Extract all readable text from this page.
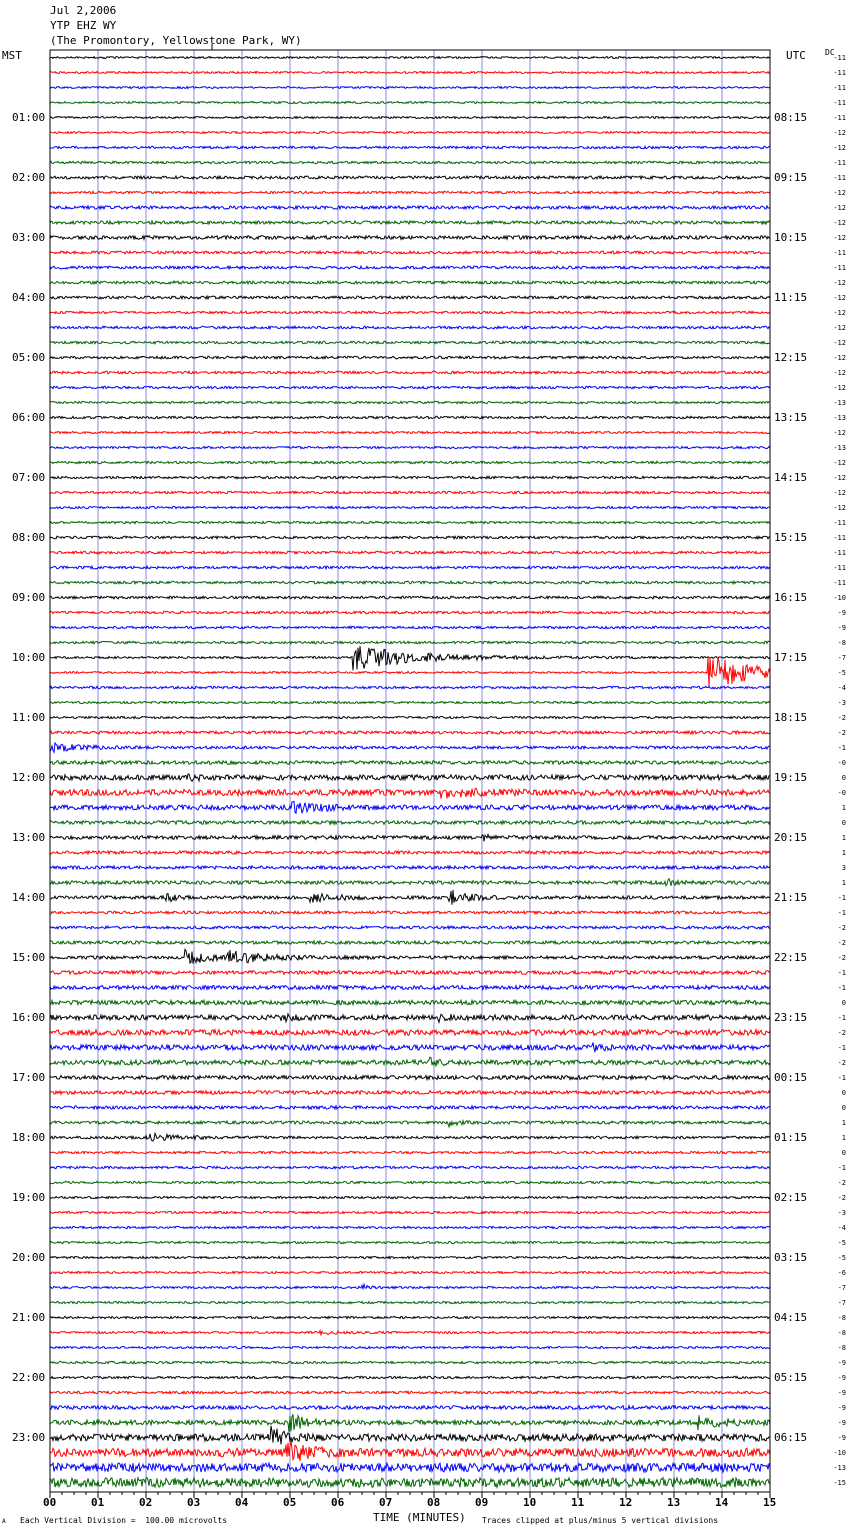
Jul 2,2006
YTP EHZ WY
(The Promontory, Yellowstone Park, WY)
MST	UTC DC
TIME (MINUTES)
Each Vertical Division =  100.00 microvolts	Traces clipped at plus/minus 5 vertical divisions
A
01:00
02:00
03:00
04:00
05:00
06:00
07:00
08:00
09:00
10:00
11:00
12:00
13:00
14:00
15:00
16:00
17:00
18:00
19:00
20:00
21:00
22:00
23:00
08:15
09:15
10:15
11:15
12:15
13:15
14:15
15:15
16:15
17:15
18:15
19:15
20:15
21:15
22:15
23:15
00:15
01:15
02:15
03:15
04:15
05:15
06:15
-11
-11
-11
-11
-11
-12
-12
-11
-11
-12
-12
-12
-12
-11
-11
-12
-12
-12
-12
-12
-12
-12
-12
-13
-13
-12
-13
-12
-12
-12
-12
-11
-11
-11
-11
-11
-10
-9
-9
-8
-7
-5
-4
-3
-2
-2
-1
-0
0
-0
1
0
1
1
3
1
-1
-1
-2
-2
-2
-1
-1
0
-1
-2
-1
-2
-1
0
0
1
1
0
-1
-2
-2
-3
-4
-5
-5
-6
-7
-7
-8
-8
-8
-9
-9
-9
-9
-9
-9
-10
-13
-15
00	01	02	03	04	05	06	07	08	09	10	11	12	13	14	15
